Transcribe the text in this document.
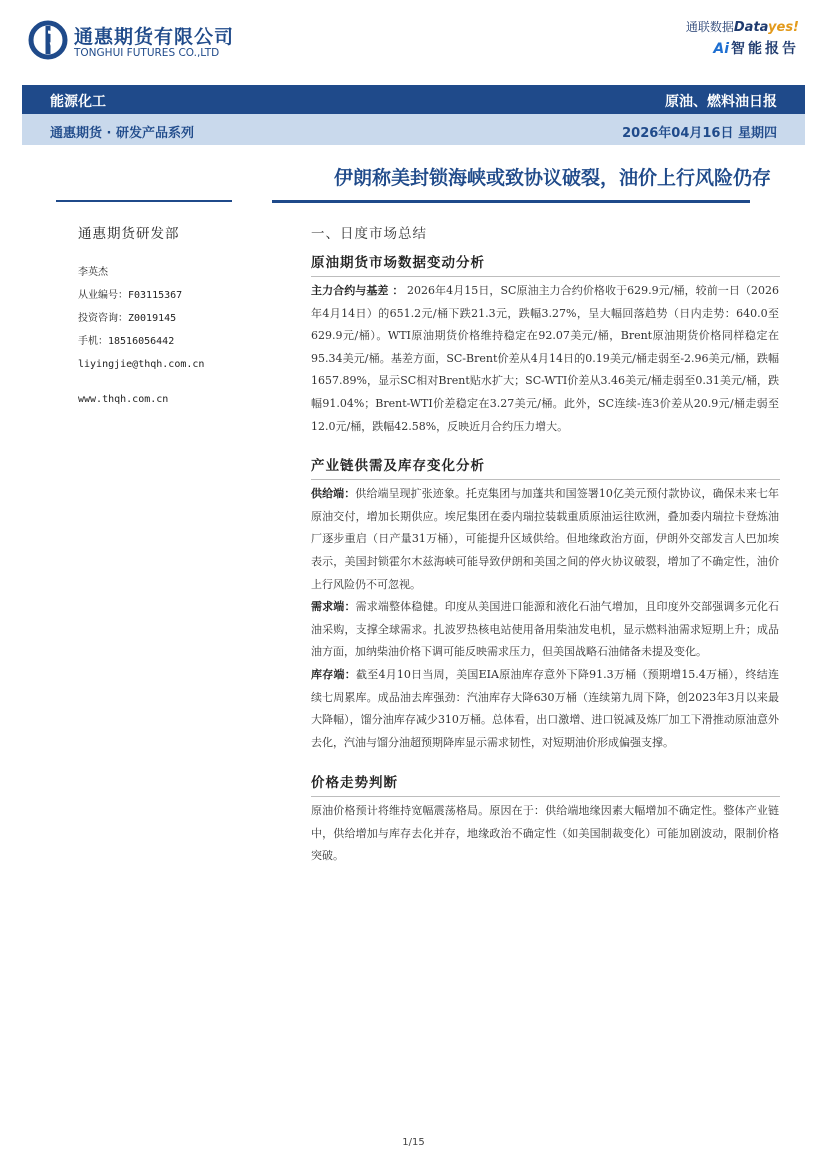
通惠期货有限公司
TONGHUI FUTURES CO.,LTD
通联数据Datayes!
Ai 智能报告
能源化工	原油、燃料油日报
通惠期货 · 研发产品系列	2026年04月16日 星期四
伊朗称美封锁海峡或致协议破裂，油价上行风险仍存
通惠期货研发部
李英杰
从业编号：F03115367
投资咨询：Z0019145
手机：18516056442
liyingjie@thqh.com.cn
www.thqh.com.cn
一、日度市场总结
原油期货市场数据变动分析

主力合约与基差 ： 2026年4月15日，SC原油主力合约价格收于629.9元/桶，较前一日（2026年4月14日）的651.2元/桶下跌21.3元，跌幅3.27%，呈大幅回落趋势（日内走势：640.0至629.9元/桶）。WTI原油期货价格维持稳定在92.07美元/桶，Brent原油期货价格同样稳定在95.34美元/桶。基差方面，SC-Brent价差从4月14日的0.19美元/桶走弱至-2.96美元/桶，跌幅1657.89%，显示SC相对Brent贴水扩大；SC-WTI价差从3.46美元/桶走弱至0.31美元/桶，跌幅91.04%；Brent-WTI价差稳定在3.27美元/桶。此外，SC连续-连3价差从20.9元/桶走弱至12.0元/桶，跌幅42.58%，反映近月合约压力增大。

产业链供需及库存变化分析

供给端：供给端呈现扩张迹象。托克集团与加蓬共和国签署10亿美元预付款协议，确保未来七年原油交付，增加长期供应。埃尼集团在委内瑞拉装载重质原油运往欧洲，叠加委内瑞拉卡登炼油厂逐步重启（日产量31万桶），可能提升区域供给。但地缘政治方面，伊朗外交部发言人巴加埃表示，美国封锁霍尔木兹海峡可能导致伊朗和美国之间的停火协议破裂，增加了不确定性，油价上行风险仍不可忽视。

需求端：需求端整体稳健。印度从美国进口能源和液化石油气增加，且印度外交部强调多元化石油采购，支撑全球需求。扎波罗热核电站使用备用柴油发电机，显示燃料油需求短期上升；成品油方面，加纳柴油价格下调可能反映需求压力，但美国战略石油储备未提及变化。

库存端：截至4月10日当周，美国EIA原油库存意外下降91.3万桶（预期增15.4万桶），终结连续七周累库。成品油去库强劲：汽油库存大降630万桶（连续第九周下降，创2023年3月以来最大降幅），馏分油库存减少310万桶。总体看，出口激增、进口锐减及炼厂加工下滑推动原油意外去化，汽油与馏分油超预期降库显示需求韧性，对短期油价形成偏强支撑。

价格走势判断

原油价格预计将维持宽幅震荡格局。原因在于：供给端地缘因素大幅增加不确定性。整体产业链中，供给增加与库存去化并存，地缘政治不确定性（如美国制裁变化）可能加剧波动，限制价格突破。

1/15
